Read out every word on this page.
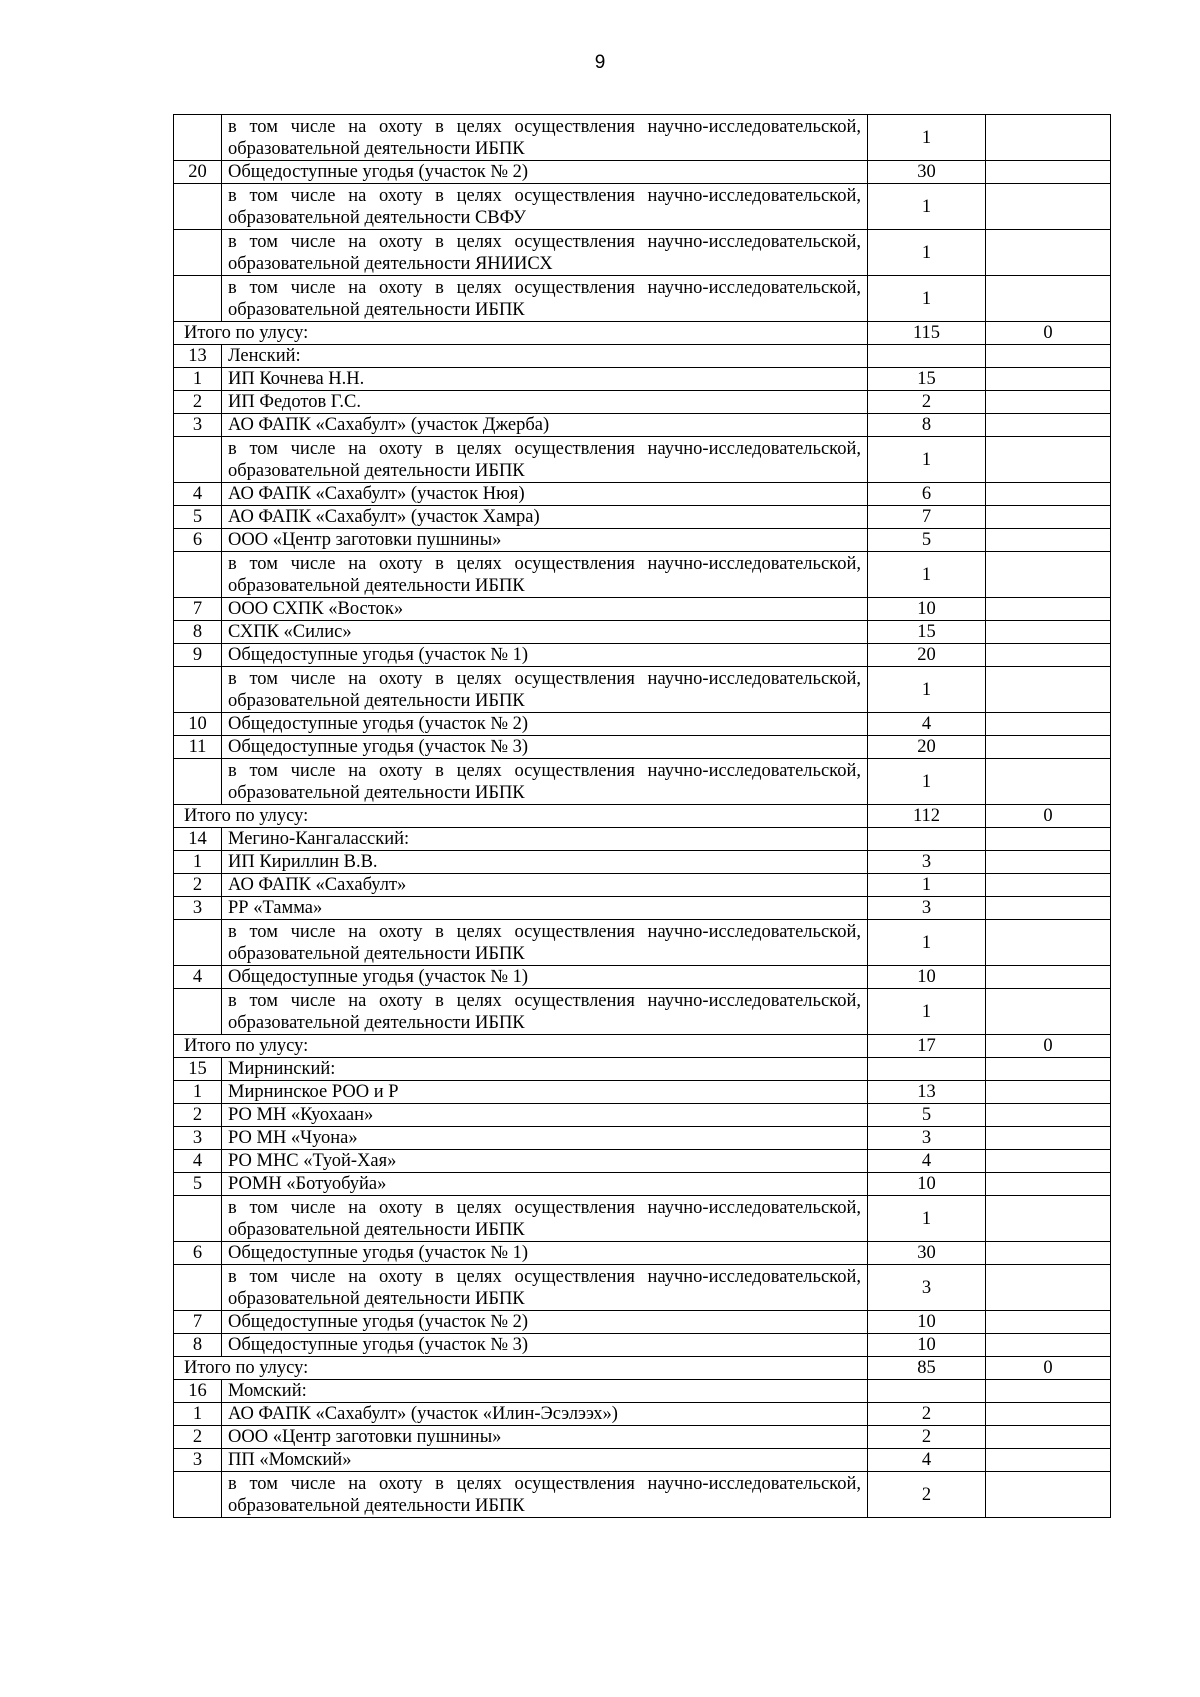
9
	в том числе на охоту в целях осуществления научно-исследовательской, образовательной деятельности ИБПК	1	
20	Общедоступные угодья (участок № 2)	30	
	в том числе на охоту в целях осуществления научно-исследовательской, образовательной деятельности СВФУ	1	
	в том числе на охоту в целях осуществления научно-исследовательской, образовательной деятельности ЯНИИСХ	1	
	в том числе на охоту в целях осуществления научно-исследовательской, образовательной деятельности ИБПК	1	
Итого по улусу:		115	0
13	Ленский:		
1	ИП Кочнева Н.Н.	15	
2	ИП Федотов Г.С.	2	
3	АО ФАПК «Сахабулт» (участок Джерба)	8	
	в том числе на охоту в целях осуществления научно-исследовательской, образовательной деятельности ИБПК	1	
4	АО ФАПК «Сахабулт» (участок Нюя)	6	
5	АО ФАПК «Сахабулт» (участок Хамра)	7	
6	ООО «Центр заготовки пушнины»	5	
	в том числе на охоту в целях осуществления научно-исследовательской, образовательной деятельности ИБПК	1	
7	ООО СХПК «Восток»	10	
8	СХПК «Силис»	15	
9	Общедоступные угодья (участок № 1)	20	
	в том числе на охоту в целях осуществления научно-исследовательской, образовательной деятельности ИБПК	1	
10	Общедоступные угодья (участок № 2)	4	
11	Общедоступные угодья (участок № 3)	20	
	в том числе на охоту в целях осуществления научно-исследовательской, образовательной деятельности ИБПК	1	
Итого по улусу:		112	0
14	Мегино-Кангаласский:		
1	ИП Кириллин В.В.	3	
2	АО ФАПК «Сахабулт»	1	
3	РР «Тамма»	3	
	в том числе на охоту в целях осуществления научно-исследовательской, образовательной деятельности ИБПК	1	
4	Общедоступные угодья (участок № 1)	10	
	в том числе на охоту в целях осуществления научно-исследовательской, образовательной деятельности ИБПК	1	
Итого по улусу:		17	0
15	Мирнинский:		
1	Мирнинское РОО и Р	13	
2	РО МН «Куохаан»	5	
3	РО МН «Чуона»	3	
4	РО МНС «Туой-Хая»	4	
5	РОМН «Ботуобуйа»	10	
	в том числе на охоту в целях осуществления научно-исследовательской, образовательной деятельности ИБПК	1	
6	Общедоступные угодья (участок № 1)	30	
	в том числе на охоту в целях осуществления научно-исследовательской, образовательной деятельности ИБПК	3	
7	Общедоступные угодья (участок № 2)	10	
8	Общедоступные угодья (участок № 3)	10	
Итого по улусу:		85	0
16	Момский:		
1	АО ФАПК «Сахабулт» (участок «Илин-Эсэлээх»)	2	
2	ООО «Центр заготовки пушнины»	2	
3	ПП «Момский»	4	
	в том числе на охоту в целях осуществления научно-исследовательской, образовательной деятельности ИБПК	2	
